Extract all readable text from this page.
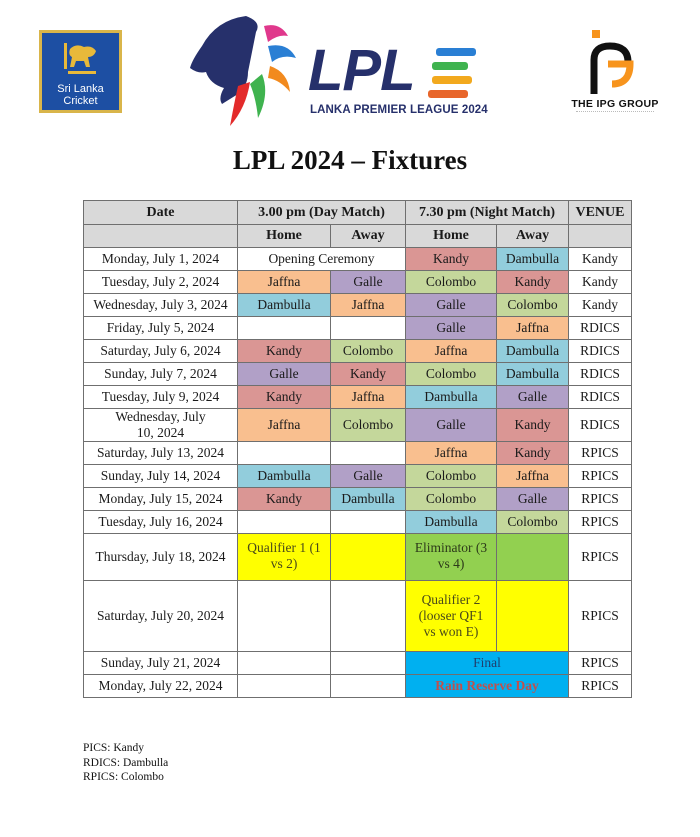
Sri Lanka
Cricket	LPL
LANKA PREMIER LEAGUE 2024	THE IPG GROUP
LPL 2024 – Fixtures
Date	3.00 pm (Day Match)		7.30 pm (Night Match)		VENUE
	Home	Away	Home	Away	
Monday, July 1, 2024	Opening Ceremony		Kandy	Dambulla	Kandy
Tuesday, July 2, 2024	Jaffna	Galle	Colombo	Kandy	Kandy
Wednesday, July 3, 2024	Dambulla	Jaffna	Galle	Colombo	Kandy
Friday, July 5, 2024			Galle	Jaffna	RDICS
Saturday, July 6, 2024	Kandy	Colombo	Jaffna	Dambulla	RDICS
Sunday, July 7, 2024	Galle	Kandy	Colombo	Dambulla	RDICS
Tuesday, July 9, 2024	Kandy	Jaffna	Dambulla	Galle	RDICS
Wednesday, July 10, 2024	Jaffna	Colombo	Galle	Kandy	RDICS
Saturday, July 13, 2024			Jaffna	Kandy	RPICS
Sunday, July 14, 2024	Dambulla	Galle	Colombo	Jaffna	RPICS
Monday, July 15, 2024	Kandy	Dambulla	Colombo	Galle	RPICS
Tuesday, July 16, 2024			Dambulla	Colombo	RPICS
Thursday, July 18, 2024	Qualifier 1 (1 vs 2)		Eliminator (3 vs 4)		RPICS
Saturday, July 20, 2024			Qualifier 2 (looser QF1 vs won E)		RPICS
Sunday, July 21, 2024			Final		RPICS
Monday, July 22, 2024			Rain Reserve Day		RPICS
PICS: Kandy
RDICS: Dambulla
RPICS: Colombo
